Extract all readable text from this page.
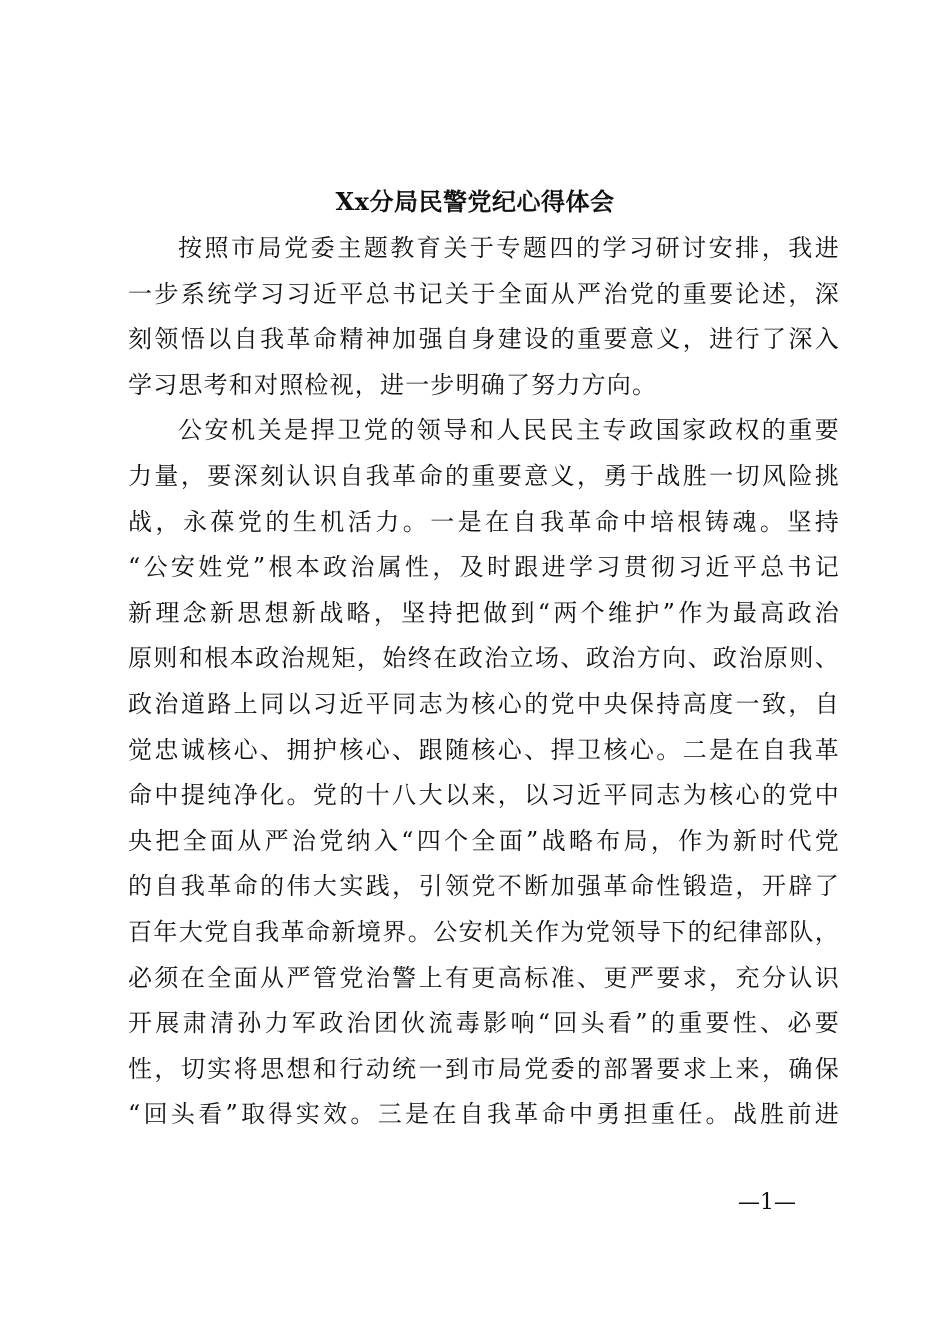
Xx分局民警党纪心得体会
按照市局党委主题教育关于专题四的学习研讨安排，我进
一步系统学习习近平总书记关于全面从严治党的重要论述，深
刻领悟以自我革命精神加强自身建设的重要意义，进行了深入
学习思考和对照检视，进一步明确了努力方向。
公安机关是捍卫党的领导和人民民主专政国家政权的重要
力量，要深刻认识自我革命的重要意义，勇于战胜一切风险挑
战，永葆党的生机活力。一是在自我革命中培根铸魂。坚持
“公安姓党”根本政治属性，及时跟进学习贯彻习近平总书记
新理念新思想新战略，坚持把做到“两个维护”作为最高政治
原则和根本政治规矩，始终在政治立场、政治方向、政治原则、
政治道路上同以习近平同志为核心的党中央保持高度一致，自
觉忠诚核心、拥护核心、跟随核心、捍卫核心。二是在自我革
命中提纯净化。党的十八大以来，以习近平同志为核心的党中
央把全面从严治党纳入“四个全面”战略布局，作为新时代党
的自我革命的伟大实践，引领党不断加强革命性锻造，开辟了
百年大党自我革命新境界。公安机关作为党领导下的纪律部队，
必须在全面从严管党治警上有更高标准、更严要求，充分认识
开展肃清孙力军政治团伙流毒影响“回头看”的重要性、必要
性，切实将思想和行动统一到市局党委的部署要求上来，确保
“回头看”取得实效。三是在自我革命中勇担重任。战胜前进
—1—
